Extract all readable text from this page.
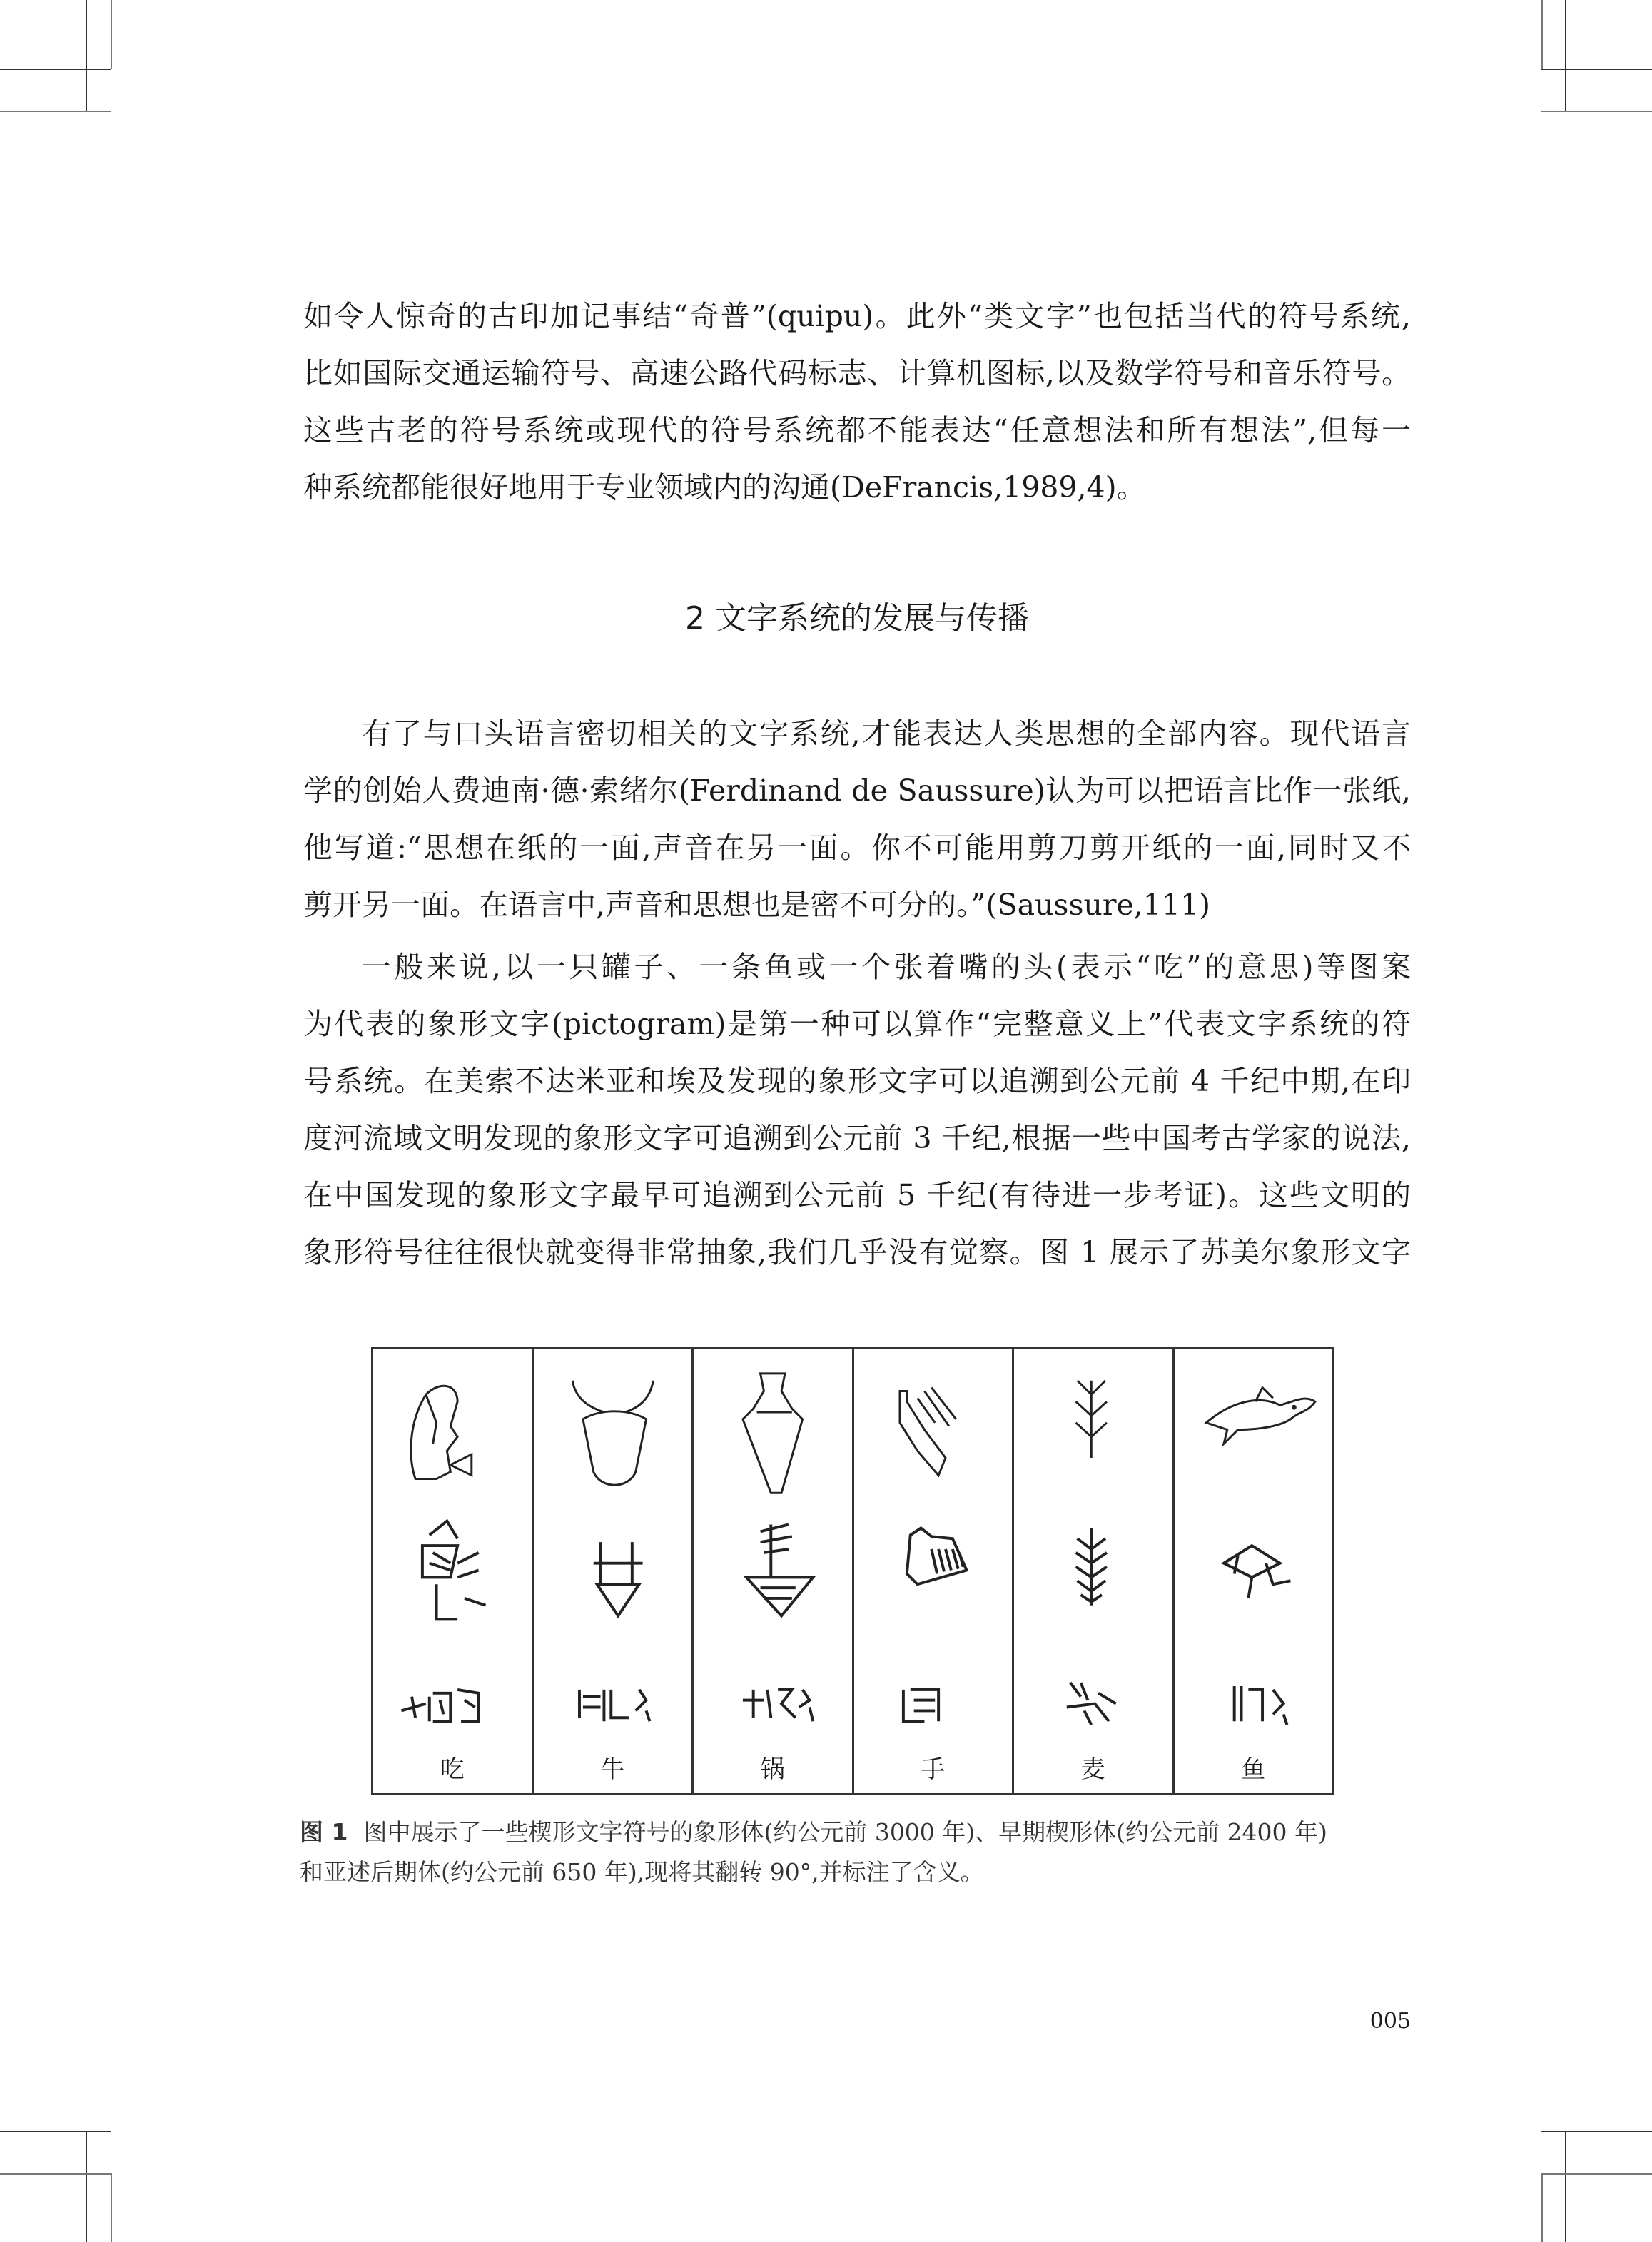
如令人惊奇的古印加记事结“奇普”(quipu)。此外“类文字”也包括当代的符号系统,
比如国际交通运输符号、高速公路代码标志、计算机图标,以及数学符号和音乐符号。
这些古老的符号系统或现代的符号系统都不能表达“任意想法和所有想法”,但每一
种系统都能很好地用于专业领域内的沟通(DeFrancis,1989,4)。
2 文字系统的发展与传播
有了与口头语言密切相关的文字系统,才能表达人类思想的全部内容。现代语言
学的创始人费迪南·德·索绪尔(Ferdinand de Saussure)认为可以把语言比作一张纸,
他写道:“思想在纸的一面,声音在另一面。你不可能用剪刀剪开纸的一面,同时又不
剪开另一面。在语言中,声音和思想也是密不可分的。”(Saussure,111)
一般来说,以一只罐子、一条鱼或一个张着嘴的头(表示“吃”的意思)等图案
为代表的象形文字(pictogram)是第一种可以算作“完整意义上”代表文字系统的符
号系统。在美索不达米亚和埃及发现的象形文字可以追溯到公元前 4 千纪中期,在印
度河流域文明发现的象形文字可追溯到公元前 3 千纪,根据一些中国考古学家的说法,
在中国发现的象形文字最早可追溯到公元前 5 千纪(有待进一步考证)。这些文明的
象形符号往往很快就变得非常抽象,我们几乎没有觉察。图 1 展示了苏美尔象形文字
吃	牛	锅	手	麦	鱼
图 1 图中展示了一些楔形文字符号的象形体(约公元前 3000 年)、早期楔形体(约公元前 2400 年)
和亚述后期体(约公元前 650 年),现将其翻转 90°,并标注了含义。
005
